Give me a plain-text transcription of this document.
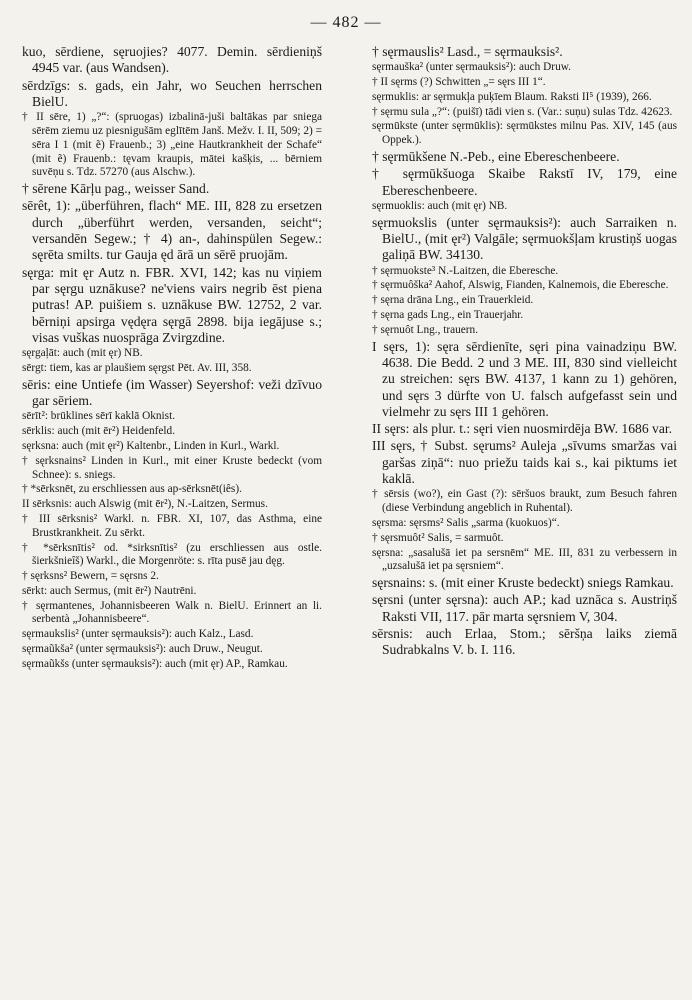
— 482 —

kuo, sērdiene, sęruojies? 4077. Demin. sērdieniņš 4945 var. (aus Wandsen).

sērdzīgs: s. gads, ein Jahr, wo Seuchen herrschen BielU.

† II sēre, 1) „?“: (spruogas) izbalinā-juši baltākas par sniega sērēm ziemu uz piesnigušām eglītēm Janš. Mežv. I. II, 509; 2) = sēra I 1 (mit ẽ) Frauenb.; 3) „eine Hautkrankheit der Schafe“ (mit ẽ) Frauenb.: tęvam kraupis, mātei kašķis, ... bērniem suvēņu s. Tdz. 57270 (aus Alschw.).

† sērene Kārļu pag., weisser Sand.

sērêt, 1): „überführen, flach“ ME. III, 828 zu ersetzen durch „überführt werden, versanden, seicht“; versandēn Segew.; † 4) an-, dahinspülen Segew.: sęrēta smilts. tur Gauja ęd ārā un sērē pruojām.

sęrga: mit ęr Autz n. FBR. XVI, 142; kas nu viņiem par sęrgu uznākuse? ne'viens vairs negrib ēst piena putras! AP. puišiem s. uznākuse BW. 12752, 2 var. bērniņi apsirga vędęra sęrgā 2898. bija iegājuse s.; visas vuškas nuosprāga Zvirgzdine.

sęrgaļāt: auch (mit ęr) NB.

sērgt: tiem, kas ar plaušiem sęrgst Pēt. Av. III, 358.

sēris: eine Untiefe (im Wasser) Seyershof: veži dzīvuo gar sēriem.

sērīt²: brūklines sērī kaklā Oknist.

sērklis: auch (mit ēr²) Heidenfeld.

sęrksna: auch (mit ęr²) Kaltenbr., Linden in Kurl., Warkl.

† sęrksnains² Linden in Kurl., mit einer Kruste bedeckt (vom Schnee): s. sniegs.

† *sērksnēt, zu erschliessen aus ap-sērksnēt(iês).

II sērksnis: auch Alswig (mit ēr²), N.-Laitzen, Sermus.

† III sērksnis² Warkl. n. FBR. XI, 107, das Asthma, eine Brustkrankheit. Zu sērkt.

† *sērksnītis² od. *sirksnītis² (zu erschliessen aus ostle. šierkšnieîš) Warkl., die Morgenröte: s. rīta pusē jau dęg.

† sęrksns² Bewern, = sęrsns 2.

sērkt: auch Sermus, (mit ēr²) Nautrēni.

† sęrmantenes, Johannisbeeren Walk n. BielU. Erinnert an li. serbentà „Johannisbeere“.

sęrmaukslis² (unter sęrmauksis²): auch Kalz., Lasd.

sęrmaũkša² (unter sęrmauksis²): auch Druw., Neugut.

sęrmaũkšs (unter sęrmauksis²): auch (mit ęr) AP., Ramkau.

† sęrmauslis² Lasd., = sęrmauksis².

sęrmauška² (unter sęrmauksis²): auch Druw.

† II sęrms (?) Schwitten „= sęrs III 1“.

sęrmuklis: ar sęrmukļa puķīem Blaum. Raksti II⁵ (1939), 266.

† sęrmu sula „?“: (puišī) tādi vien s. (Var.: suņu) sulas Tdz. 42623.

sęrmūkste (unter sęrmūklis): sęrmūkstes milnu Pas. XIV, 145 (aus Oppek.).

† sęrmūkšene N.-Peb., eine Ebereschenbeere.

† sęrmūkšuoga Skaibe Rakstī IV, 179, eine Ebereschenbeere.

sęrmuoklis: auch (mit ęr) NB.

sęrmuokslis (unter sęrmauksis²): auch Sarraiken n. BielU., (mit ęr²) Valgāle; sęrmuokšļam krustiņš uogas galiņā BW. 34130.

† sęrmuokste³ N.-Laitzen, die Eberesche.

† sęrmuôška² Aahof, Alswig, Fianden, Kalnemois, die Eberesche.

† sęrna drāna Lng., ein Trauerkleid.

† sęrna gads Lng., ein Trauerjahr.

† sęrnuôt Lng., trauern.

I sęrs, 1): sęra sērdienīte, sęri pina vainadziņu BW. 4638. Die Bedd. 2 und 3 ME. III, 830 sind vielleicht zu streichen: sęrs BW. 4137, 1 kann zu 1) gehören, und sęrs 3 dürfte von U. falsch aufgefasst sein und vielmehr zu sęrs III 1 gehören.

II sęrs: als plur. t.: sęri vien nuosmirdēja BW. 1686 var.

III sęrs, † Subst. sęrums² Auleja „sīvums smaržas vai garšas ziņā“: nuo priežu taids kai s., kai piktums iet kaklā.

† sērsis (wo?), ein Gast (?): sēršuos braukt, zum Besuch fahren (diese Verbindung angeblich in Ruhental).

sęrsma: sęrsms² Salis „sarma (kuokuos)“.

† sęrsmuôt² Salis, = sarmuôt.

sęrsna: „sasalušā iet pa sersnēm“ ME. III, 831 zu verbessern in „uzsalušā iet pa sęrsniem“.

sęrsnains: s. (mit einer Kruste bedeckt) sniegs Ramkau.

sęrsni (unter sęrsna): auch AP.; kad uznāca s. Austriņš Raksti VII, 117. pār marta sęrsniem V, 304.

sērsnis: auch Erlaa, Stom.; sēršņa laiks ziemā Sudrabkalns V. b. I. 116.
